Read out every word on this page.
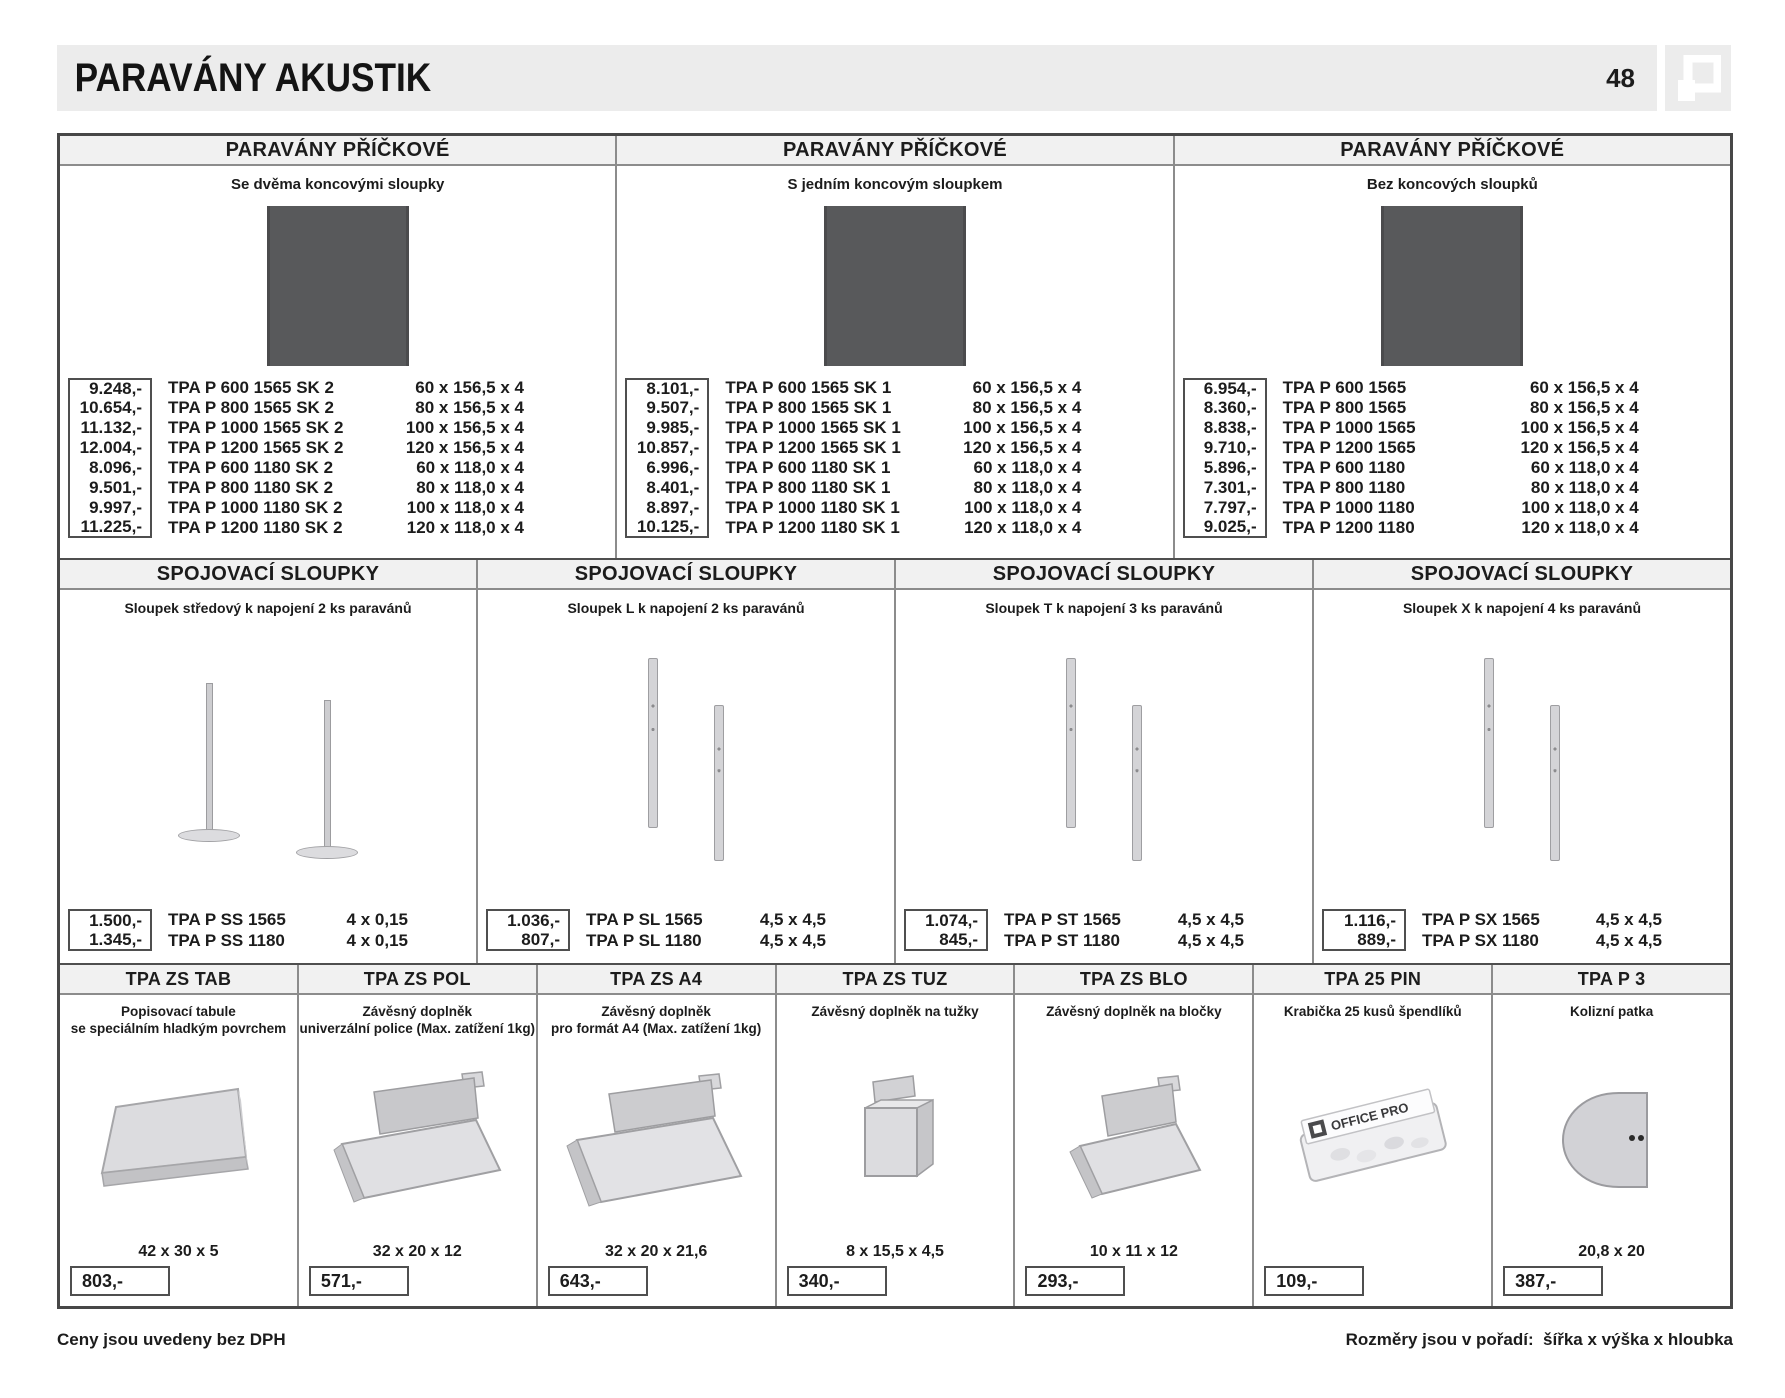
PARAVÁNY AKUSTIK	48
PARAVÁNY PŘÍČKOVÉ
Se dvěma koncovými sloupky
9.248,-	TPA P 600 1565 SK 2	60 x 156,5 x 4
10.654,-	TPA P 800 1565 SK 2	80 x 156,5 x 4
11.132,-	TPA P 1000 1565 SK 2	100 x 156,5 x 4
12.004,-	TPA P 1200 1565 SK 2	120 x 156,5 x 4
8.096,-	TPA P 600 1180 SK 2	60 x 118,0 x 4
9.501,-	TPA P 800 1180 SK 2	80 x 118,0 x 4
9.997,-	TPA P 1000 1180 SK 2	100 x 118,0 x 4
11.225,-	TPA P 1200 1180 SK 2	120 x 118,0 x 4
PARAVÁNY PŘÍČKOVÉ
S jedním koncovým sloupkem
8.101,-	TPA P 600 1565 SK 1	60 x 156,5 x 4
9.507,-	TPA P 800 1565 SK 1	80 x 156,5 x 4
9.985,-	TPA P 1000 1565 SK 1	100 x 156,5 x 4
10.857,-	TPA P 1200 1565 SK 1	120 x 156,5 x 4
6.996,-	TPA P 600 1180 SK 1	60 x 118,0 x 4
8.401,-	TPA P 800 1180 SK 1	80 x 118,0 x 4
8.897,-	TPA P 1000 1180 SK 1	100 x 118,0 x 4
10.125,-	TPA P 1200 1180 SK 1	120 x 118,0 x 4
PARAVÁNY PŘÍČKOVÉ
Bez koncových sloupků
6.954,-	TPA P 600 1565	60 x 156,5 x 4
8.360,-	TPA P 800 1565	80 x 156,5 x 4
8.838,-	TPA P 1000 1565	100 x 156,5 x 4
9.710,-	TPA P 1200 1565	120 x 156,5 x 4
5.896,-	TPA P 600 1180	60 x 118,0 x 4
7.301,-	TPA P 800 1180	80 x 118,0 x 4
7.797,-	TPA P 1000 1180	100 x 118,0 x 4
9.025,-	TPA P 1200 1180	120 x 118,0 x 4
SPOJOVACÍ SLOUPKY
Sloupek středový k napojení 2 ks paravánů
1.500,-	TPA P SS 1565	4 x 0,15
1.345,-	TPA P SS 1180	4 x 0,15
SPOJOVACÍ SLOUPKY
Sloupek L k napojení 2 ks paravánů
1.036,-	TPA P SL 1565	4,5 x 4,5
807,-	TPA P SL 1180	4,5 x 4,5
SPOJOVACÍ SLOUPKY
Sloupek T k napojení 3 ks paravánů
1.074,-	TPA P ST 1565	4,5 x 4,5
845,-	TPA P ST 1180	4,5 x 4,5
SPOJOVACÍ SLOUPKY
Sloupek X k napojení 4 ks paravánů
1.116,-	TPA P SX 1565	4,5 x 4,5
889,-	TPA P SX 1180	4,5 x 4,5
TPA ZS TAB
Popisovací tabule
se speciálním hladkým povrchem
42 x 30 x 5
803,-
TPA ZS POL
Závěsný doplněk
univerzální police (Max. zatížení 1kg)
32 x 20 x 12
571,-
TPA ZS A4
Závěsný doplněk
pro formát A4 (Max. zatížení 1kg)
32 x 20 x 21,6
643,-
TPA ZS TUZ
Závěsný doplněk na tužky
8 x 15,5 x 4,5
340,-
TPA ZS BLO
Závěsný doplněk na bločky
10 x 11 x 12
293,-
TPA 25 PIN
Krabička 25 kusů špendlíků
OFFICE PRO
109,-
TPA P 3
Kolizní patka
20,8 x 20
387,-
Ceny jsou uvedeny bez DPH	Rozměry jsou v pořadí:  šířka x výška x hloubka
